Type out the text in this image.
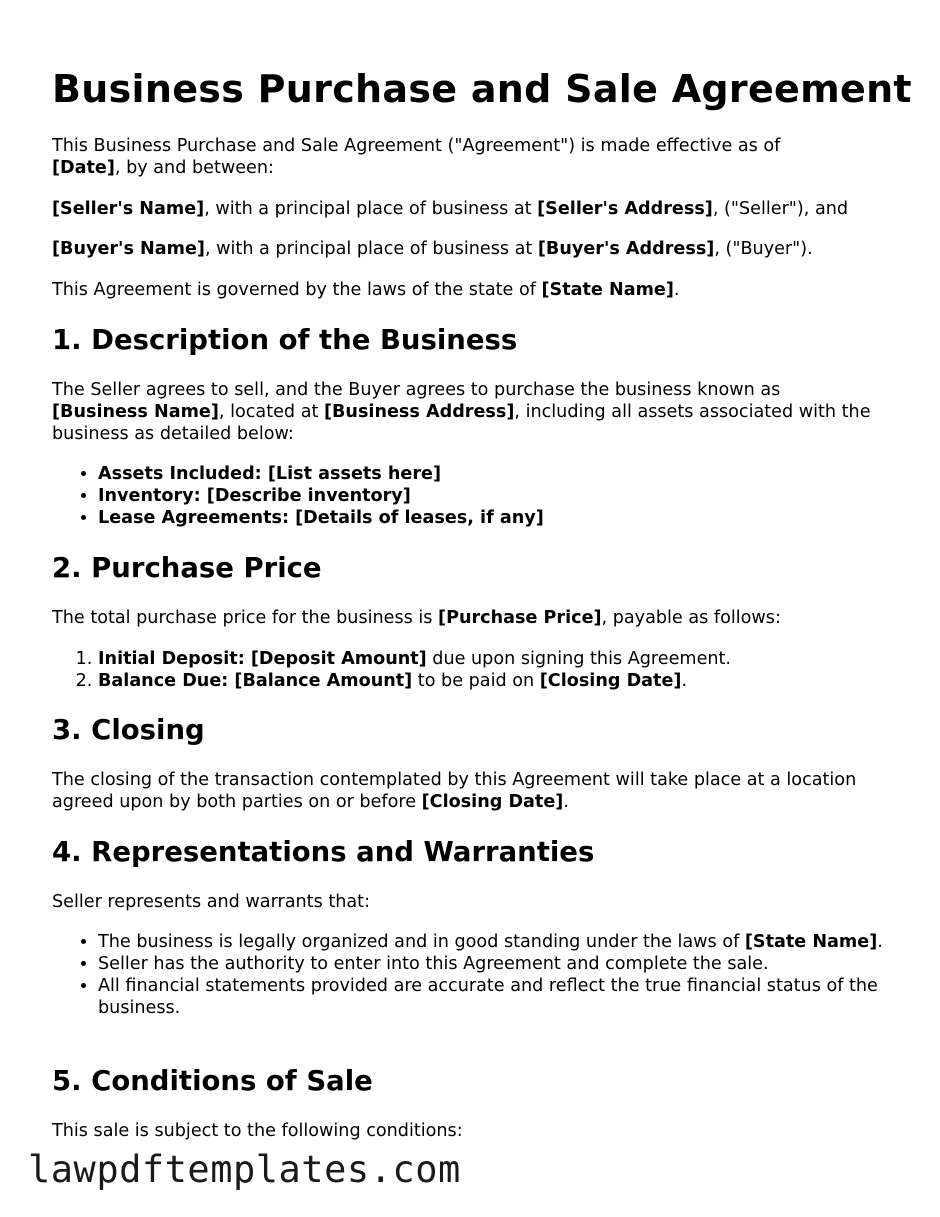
Business Purchase and Sale Agreement

This Business Purchase and Sale Agreement ("Agreement") is made effective as of
[Date], by and between:

[Seller's Name], with a principal place of business at [Seller's Address], ("Seller"), and

[Buyer's Name], with a principal place of business at [Buyer's Address], ("Buyer").

This Agreement is governed by the laws of the state of [State Name].

1. Description of the Business

The Seller agrees to sell, and the Buyer agrees to purchase the business known as
[Business Name], located at [Business Address], including all assets associated with the business as detailed below:

• Assets Included: [List assets here]
• Inventory: [Describe inventory]
• Lease Agreements: [Details of leases, if any]
2. Purchase Price

The total purchase price for the business is [Purchase Price], payable as follows:

1. Initial Deposit: [Deposit Amount] due upon signing this Agreement.
2. Balance Due: [Balance Amount] to be paid on [Closing Date].
3. Closing

The closing of the transaction contemplated by this Agreement will take place at a location agreed upon by both parties on or before [Closing Date].

4. Representations and Warranties

Seller represents and warrants that:

• The business is legally organized and in good standing under the laws of [State Name].
• Seller has the authority to enter into this Agreement and complete the sale.
• All financial statements provided are accurate and reflect the true financial status of the business.
5. Conditions of Sale

This sale is subject to the following conditions:

lawpdftemplates.com
